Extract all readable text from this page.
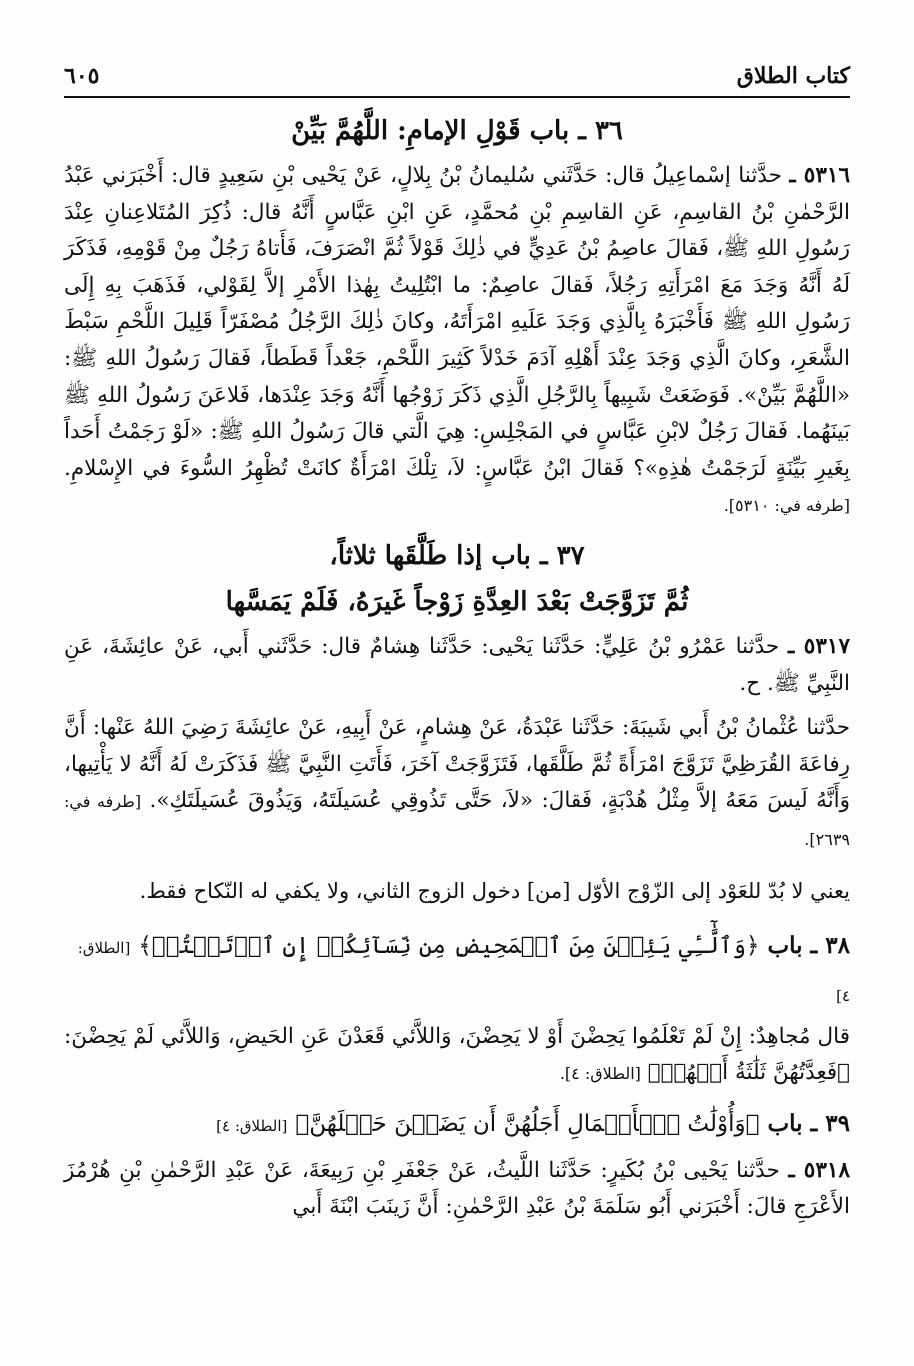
كتاب الطلاق
٦٠٥
٣٦ ـ باب قَوْلِ الإمامِ: اللَّهُمَّ بَيِّنْ

٥٣١٦ ـ حدَّثنا إسْماعِيلُ قال: حَدَّثَني سُليمانُ بْنُ بِلالٍ، عَنْ يَحْيى بْنِ سَعِيدٍ قال: أَخْبَرَني عَبْدُ الرَّحْمٰنِ بْنُ القاسِمِ، عَنِ القاسِمِ بْنِ مُحمَّدٍ، عَنِ ابْنِ عَبَّاسٍ أَنَّهُ قال: ذُكِرَ المُتَلاعِنانِ عِنْدَ رَسُولِ اللهِ ﷺ، فَقالَ عاصِمُ بْنُ عَدِيٍّ في ذٰلِكَ قَوْلاً ثُمَّ انْصَرَفَ، فَأَتاهُ رَجُلٌ مِنْ قَوْمِهِ، فَذَكَرَ لَهُ أَنَّهُ وَجَدَ مَعَ امْرَأَتِهِ رَجُلاً، فَقالَ عاصِمٌ: ما ابْتُلِيتُ بِهٰذا الأَمْرِ إلاَّ لِقَوْلي، فَذَهَبَ بِهِ إِلَى رَسُولِ اللهِ ﷺ فَأَخْبَرَهُ بِالَّذِي وَجَدَ عَلَيهِ امْرَأَتَهُ، وكانَ ذٰلِكَ الرَّجُلُ مُصْفَرّاً قَلِيلَ اللَّحْمِ سَبْطَ الشَّعَرِ، وكانَ الَّذِي وَجَدَ عِنْدَ أَهْلِهِ آدَمَ خَدْلاً كَثِيرَ اللَّحْمِ، جَعْداً قَطَطاً، فَقالَ رَسُولُ اللهِ ﷺ: «اللَّهُمَّ بَيِّنْ». فَوَضَعَتْ شَبِيهاً بِالرَّجُلِ الَّذِي ذَكَرَ زَوْجُها أَنَّهُ وَجَدَ عِنْدَها، فَلاعَنَ رَسُولُ اللهِ ﷺ بَينَهُما. فَقالَ رَجُلٌ لابْنِ عَبَّاسٍ في المَجْلِسِ: هِيَ الَّتي قالَ رَسُولُ اللهِ ﷺ: «لَوْ رَجَمْتُ أَحَداً بِغَيرِ بَيِّنَةٍ لَرَجَمْتُ هٰذِهِ»؟ فَقالَ ابْنُ عَبَّاسٍ: لاَ، تِلْكَ امْرَأَةٌ كانَتْ تُظْهِرُ السُّوءَ في الإِسْلامِ. [طرفه في: ٥٣١٠].

٣٧ ـ باب إذا طَلَّقَها ثلاثاً،
ثُمَّ تَزَوَّجَتْ بَعْدَ العِدَّةِ زَوْجاً غَيرَهُ، فَلَمْ يَمَسَّها

٥٣١٧ ـ حدَّثنا عَمْرُو بْنُ عَلِيٍّ: حَدَّثَنا يَحْيى: حَدَّثَنا هِشامٌ قال: حَدَّثَني أَبي، عَنْ عائِشَةَ، عَنِ النَّبِيِّ ﷺ. ح.

حدَّثنا عُثْمانُ بْنُ أَبي شَيبَةَ: حَدَّثَنا عَبْدَةُ، عَنْ هِشامٍ، عَنْ أَبِيهِ، عَنْ عائِشَةَ رَضِيَ اللهُ عَنْها: أَنَّ رِفاعَةَ القُرَظِيَّ تَزَوَّجَ امْرَأَةً ثُمَّ طَلَّقَها، فَتَزَوَّجَتْ آخَرَ، فَأَتَتِ النَّبِيَّ ﷺ فَذَكَرَتْ لَهُ أَنَّهُ لا يَأْتِيها، وَأَنَّهُ لَيسَ مَعَهُ إلاَّ مِثْلُ هُدْبَةٍ، فَقالَ: «لاَ، حَتَّى تَذُوقِي عُسَيلَتَهُ، وَيَذُوقَ عُسَيلَتَكِ». [طرفه في: ٢٦٣٩].

يعني لا بُدّ للعَوْد إلى الزّوْج الأوّل [من] دخول الزوج الثاني، ولا يكفي له النّكاح فقط.

٣٨ ـ باب ﴿وَٱلَّٰٓـِٔي يَئِسۡنَ مِنَ ٱلۡمَحِيضِ مِن نِّسَآئِكُمۡ إِنِ ٱرۡتَبۡتُمۡ﴾ [الطلاق: ٤]

قال مُجاهِدٌ: إِنْ لَمْ تَعْلَمُوا يَحِضْنَ أَوْ لا يَحِضْنَ، وَاللاَّئي قَعَدْنَ عَنِ الحَيضِ، وَاللاَّئي لَمْ يَحِضْنَ: ﴿فَعِدَّتُهُنَّ ثَلَٰثَةُ أَشۡهُرٖ﴾ [الطلاق: ٤].

٣٩ ـ باب ﴿وَأُوْلَٰتُ ٱلۡأَحۡمَالِ أَجَلُهُنَّ أَن يَضَعۡنَ حَمۡلَهُنَّ﴾ [الطلاق: ٤]

٥٣١٨ ـ حدَّثنا يَحْيى بْنُ بُكَيرٍ: حَدَّثَنا اللَّيثُ، عَنْ جَعْفَرِ بْنِ رَبِيعَةَ، عَنْ عَبْدِ الرَّحْمٰنِ بْنِ هُرْمُزَ الأَعْرَجِ قالَ: أَخْبَرَني أَبُو سَلَمَةَ بْنُ عَبْدِ الرَّحْمٰنِ: أَنَّ زَينَبَ ابْنَةَ أَبي
